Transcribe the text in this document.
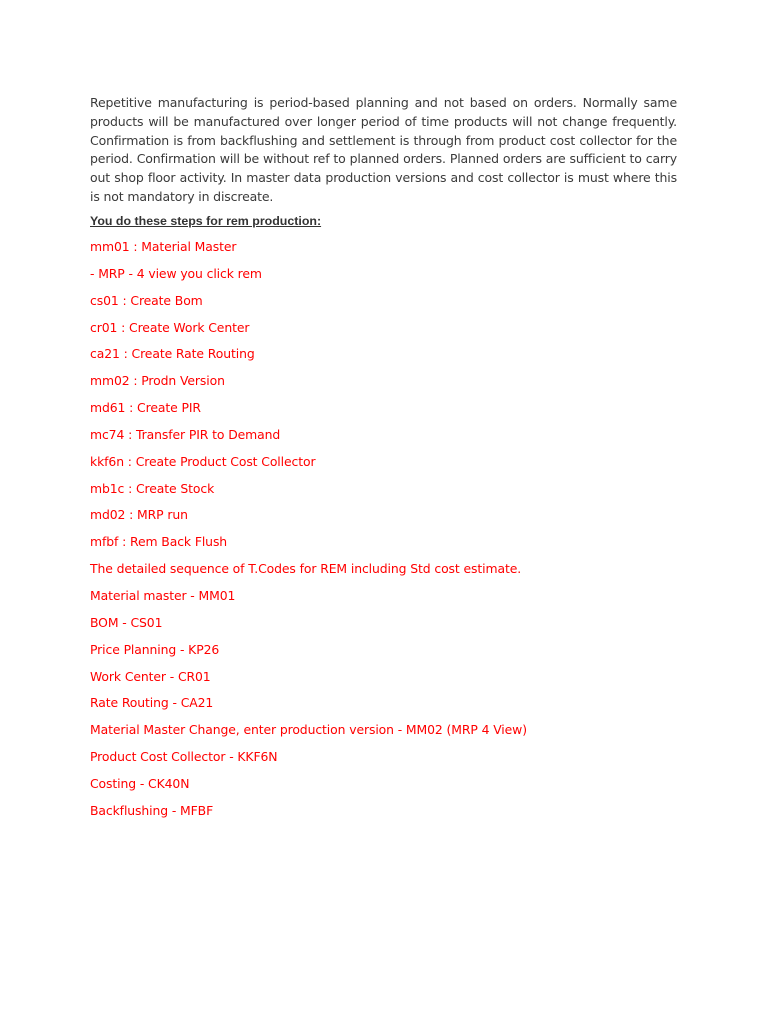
Repetitive manufacturing is period-based planning and not based on orders. Normally same products will be manufactured over longer period of time products will not change frequently. Confirmation is from backflushing and settlement is through from product cost collector for the period. Confirmation will be without ref to planned orders. Planned orders are sufficient to carry out shop floor activity. In master data production versions and cost collector is must where this is not mandatory in discreate.

You do these steps for rem production:

mm01 : Material Master
- MRP - 4 view you click rem
cs01 : Create Bom
cr01 : Create Work Center
ca21 : Create Rate Routing
mm02 : Prodn Version
md61 : Create PIR
mc74 : Transfer PIR to Demand
kkf6n : Create Product Cost Collector
mb1c : Create Stock
md02 : MRP run
mfbf : Rem Back Flush
The detailed sequence of T.Codes for REM including Std cost estimate.
Material master - MM01
BOM - CS01
Price Planning - KP26
Work Center - CR01
Rate Routing - CA21
Material Master Change, enter production version - MM02 (MRP 4 View)
Product Cost Collector - KKF6N
Costing - CK40N
Backflushing - MFBF
